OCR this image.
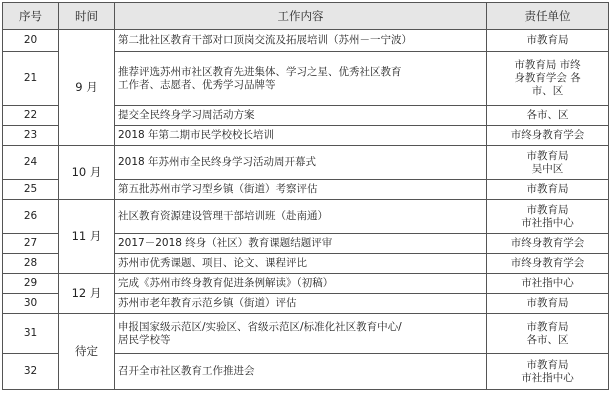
序号	时间	工作内容	责任单位
20	9 月	第二批社区教育干部对口顶岗交流及拓展培训（苏州－一宁波）	市教育局

21		推荐评选苏州市社区教育先进集体、学习之星、优秀社区教育
工作者、志愿者、优秀学习品牌等	市教育局 市终
身教育学会 各
市、区

22		提交全民终身学习周活动方案	各市、区

23		2018 年第二期市民学校校长培训	市终身教育学会

24	10 月	2018 年苏州市全民终身学习活动周开幕式	市教育局
吴中区

25		第五批苏州市学习型乡镇（街道）考察评估	市教育局

26	11 月	社区教育资源建设管理干部培训班（赴南通）	市教育局
市社指中心

27		2017－2018 终身（社区）教育课题结题评审	市终身教育学会

28		苏州市优秀课题、项目、论文、课程评比	市终身教育学会

29	12 月	完成《苏州市终身教育促进条例解读》（初稿）	市社指中心

30		苏州市老年教育示范乡镇（街道）评估	市教育局

31	待定	申报国家级示范区/实验区、省级示范区/标准化社区教育中心/
居民学校等	市教育局
各市、区

32		召开全市社区教育工作推进会	市教育局
市社指中心
